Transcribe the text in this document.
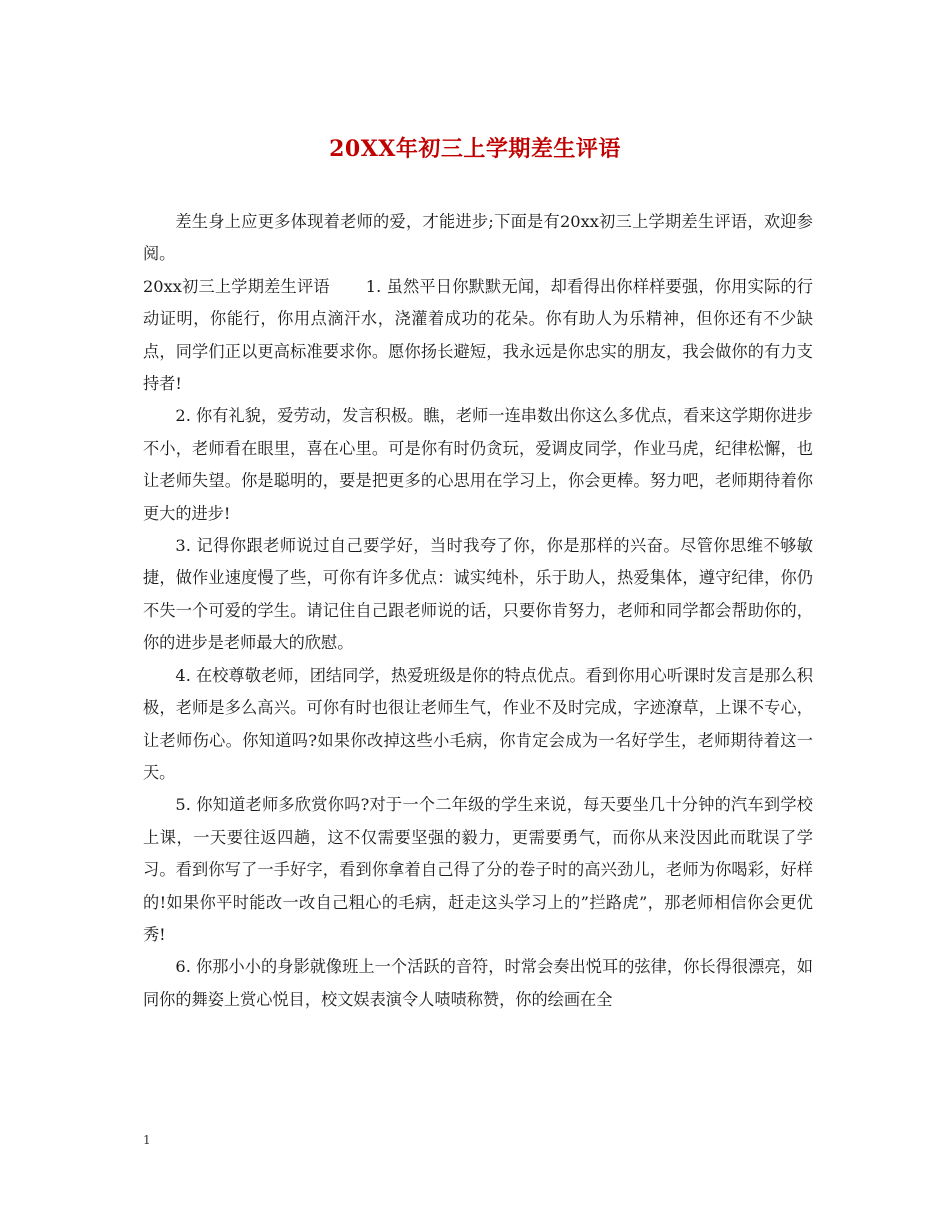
20XX年初三上学期差生评语

差生身上应更多体现着老师的爱，才能进步;下面是有20xx初三上学期差生评语，欢迎参阅。

20xx初三上学期差生评语 1. 虽然平日你默默无闻，却看得出你样样要强，你用实际的行动证明，你能行，你用点滴汗水，浇灌着成功的花朵。你有助人为乐精神，但你还有不少缺点，同学们正以更高标准要求你。愿你扬长避短，我永远是你忠实的朋友，我会做你的有力支持者!

2. 你有礼貌，爱劳动，发言积极。瞧，老师一连串数出你这么多优点，看来这学期你进步不小，老师看在眼里，喜在心里。可是你有时仍贪玩，爱调皮同学，作业马虎，纪律松懈，也让老师失望。你是聪明的，要是把更多的心思用在学习上，你会更棒。努力吧，老师期待着你更大的进步!

3. 记得你跟老师说过自己要学好，当时我夸了你，你是那样的兴奋。尽管你思维不够敏捷，做作业速度慢了些，可你有许多优点：诚实纯朴，乐于助人，热爱集体，遵守纪律，你仍不失一个可爱的学生。请记住自己跟老师说的话，只要你肯努力，老师和同学都会帮助你的，你的进步是老师最大的欣慰。

4. 在校尊敬老师，团结同学，热爱班级是你的特点优点。看到你用心听课时发言是那么积极，老师是多么高兴。可你有时也很让老师生气，作业不及时完成，字迹潦草，上课不专心，让老师伤心。你知道吗?如果你改掉这些小毛病，你肯定会成为一名好学生，老师期待着这一天。

5. 你知道老师多欣赏你吗?对于一个二年级的学生来说，每天要坐几十分钟的汽车到学校上课，一天要往返四趟，这不仅需要坚强的毅力，更需要勇气，而你从来没因此而耽误了学习。看到你写了一手好字，看到你拿着自己得了分的卷子时的高兴劲儿，老师为你喝彩，好样的!如果你平时能改一改自己粗心的毛病，赶走这头学习上的”拦路虎”，那老师相信你会更优秀!

6. 你那小小的身影就像班上一个活跃的音符，时常会奏出悦耳的弦律，你长得很漂亮，如同你的舞姿上赏心悦目，校文娱表演令人啧啧称赞，你的绘画在全

1
